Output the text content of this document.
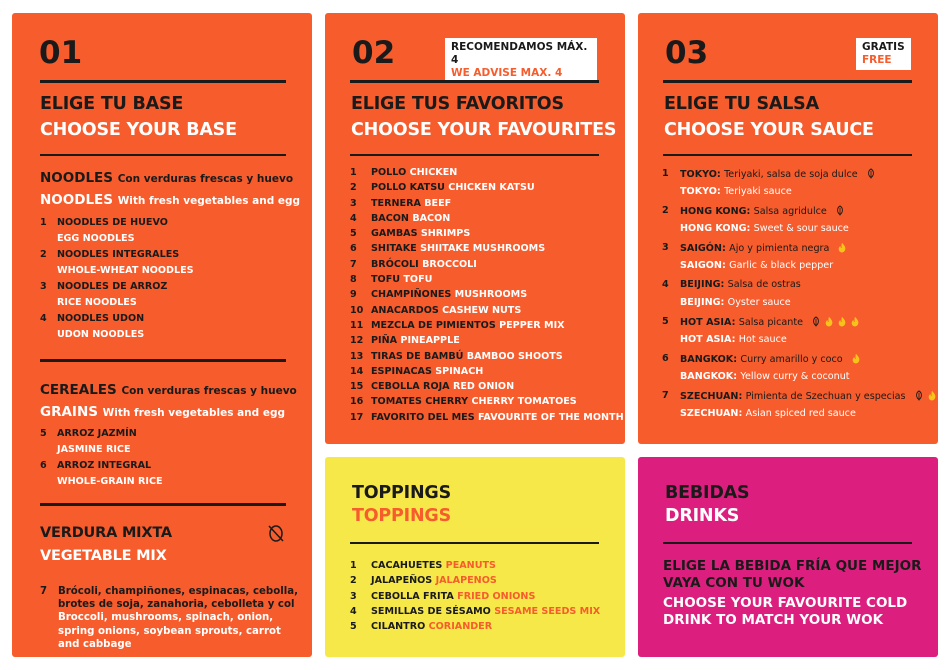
01
ELIGE TU BASE
CHOOSE YOUR BASE
NOODLES Con verduras frescas y huevo
NOODLES With fresh vegetables and egg
1	NOODLES DE HUEVO
EGG NOODLES
2	NOODLES INTEGRALES
WHOLE-WHEAT NOODLES
3	NOODLES DE ARROZ
RICE NOODLES
4	NOODLES UDON
UDON NOODLES
CEREALES Con verduras frescas y huevo
GRAINS With fresh vegetables and egg
5	ARROZ JAZMÍN
JASMINE RICE
6	ARROZ INTEGRAL
WHOLE-GRAIN RICE
VERDURA MIXTA
VEGETABLE MIX
7 Brócoli, champiñones, espinacas, cebolla,
brotes de soja, zanahoria, cebolleta y col
Broccoli, mushrooms, spinach, onion,
spring onions, soybean sprouts, carrot
and cabbage
02	RECOMENDAMOS MÁX. 4
WE ADVISE MAX. 4
ELIGE TUS FAVORITOS
CHOOSE YOUR FAVOURITES
1 POLLO CHICKEN
2 POLLO KATSU CHICKEN KATSU
3 TERNERA BEEF
4 BACON BACON
5 GAMBAS SHRIMPS
6 SHITAKE SHIITAKE MUSHROOMS
7 BRÓCOLI BROCCOLI
8 TOFU TOFU
9 CHAMPIÑONES MUSHROOMS
10 ANACARDOS CASHEW NUTS
11 MEZCLA DE PIMIENTOS PEPPER MIX
12 PIÑA PINEAPPLE
13 TIRAS DE BAMBÚ BAMBOO SHOOTS
14 ESPINACAS SPINACH
15 CEBOLLA ROJA RED ONION
16 TOMATES CHERRY CHERRY TOMATOES
17 FAVORITO DEL MES FAVOURITE OF THE MONTH
03	GRATIS
FREE
ELIGE TU SALSA
CHOOSE YOUR SAUCE
1 TOKYO: Teriyaki, salsa de soja dulce
TOKYO: Teriyaki sauce
2 HONG KONG: Salsa agridulce
HONG KONG: Sweet & sour sauce
3 SAIGÓN: Ajo y pimienta negra
SAIGON: Garlic & black pepper
4 BEIJING: Salsa de ostras
BEIJING: Oyster sauce
5 HOT ASIA: Salsa picante
HOT ASIA: Hot sauce
6 BANGKOK: Curry amarillo y coco
BANGKOK: Yellow curry & coconut
7 SZECHUAN: Pimienta de Szechuan y especias
SZECHUAN: Asian spiced red sauce
TOPPINGS
TOPPINGS
1 CACAHUETES PEANUTS
2 JALAPEÑOS JALAPENOS
3 CEBOLLA FRITA FRIED ONIONS
4 SEMILLAS DE SÉSAMO SESAME SEEDS MIX
5 CILANTRO CORIANDER
BEBIDAS
DRINKS
ELIGE LA BEBIDA FRÍA QUE MEJOR
VAYA CON TU WOK
CHOOSE YOUR FAVOURITE COLD
DRINK TO MATCH YOUR WOK
